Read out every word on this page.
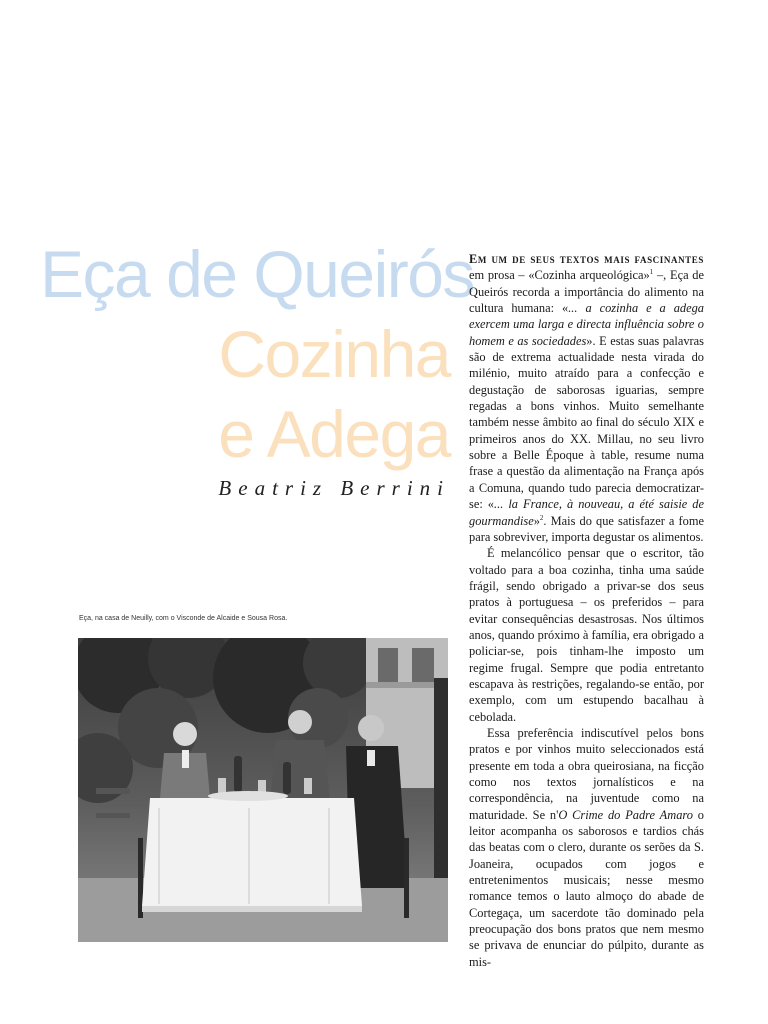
Eça de Queirós
Cozinha
e Adega
Beatriz Berrini
Eça, na casa de Neuilly, com o Visconde de Alcaide e Sousa Rosa.

Em um de seus textos mais fascinantes em prosa – «Cozinha arqueológica»$^1$ –, Eça de Queirós recorda a importância do alimento na cultura humana: «... a cozinha e a adega exercem uma larga e directa influência sobre o homem e as sociedades». E estas suas palavras são de extrema actualidade nesta virada do milénio, muito atraído para a confecção e degustação de saborosas iguarias, sempre regadas a bons vinhos. Muito semelhante também nesse âmbito ao final do século XIX e primeiros anos do XX. Millau, no seu livro sobre a Belle Époque à table, resume numa frase a questão da alimentação na França após a Comuna, quando tudo parecia democratizar-se: «... la France, à nouveau, a été saisie de gourmandise»$^2$. Mais do que satisfazer a fome para sobreviver, importa degustar os alimentos.

É melancólico pensar que o escritor, tão voltado para a boa cozinha, tinha uma saúde frágil, sendo obrigado a privar-se dos seus pratos à portuguesa – os preferidos – para evitar consequências desastrosas. Nos últimos anos, quando próximo à família, era obrigado a policiar-se, pois tinham-lhe imposto um regime frugal. Sempre que podia entretanto escapava às restrições, regalando-se então, por exemplo, com um estupendo bacalhau à cebolada.

Essa preferência indiscutível pelos bons pratos e por vinhos muito seleccionados está presente em toda a obra queirosiana, na ficção como nos textos jornalísticos e na correspondência, na juventude como na maturidade. Se n'O Crime do Padre Amaro o leitor acompanha os saborosos e tardios chás das beatas com o clero, durante os serões da S. Joaneira, ocupados com jogos e entretenimentos musicais; nesse mesmo romance temos o lauto almoço do abade de Cortegaça, um sacerdote tão dominado pela preocupação dos bons pratos que nem mesmo se privava de enunciar do púlpito, durante as mis-
